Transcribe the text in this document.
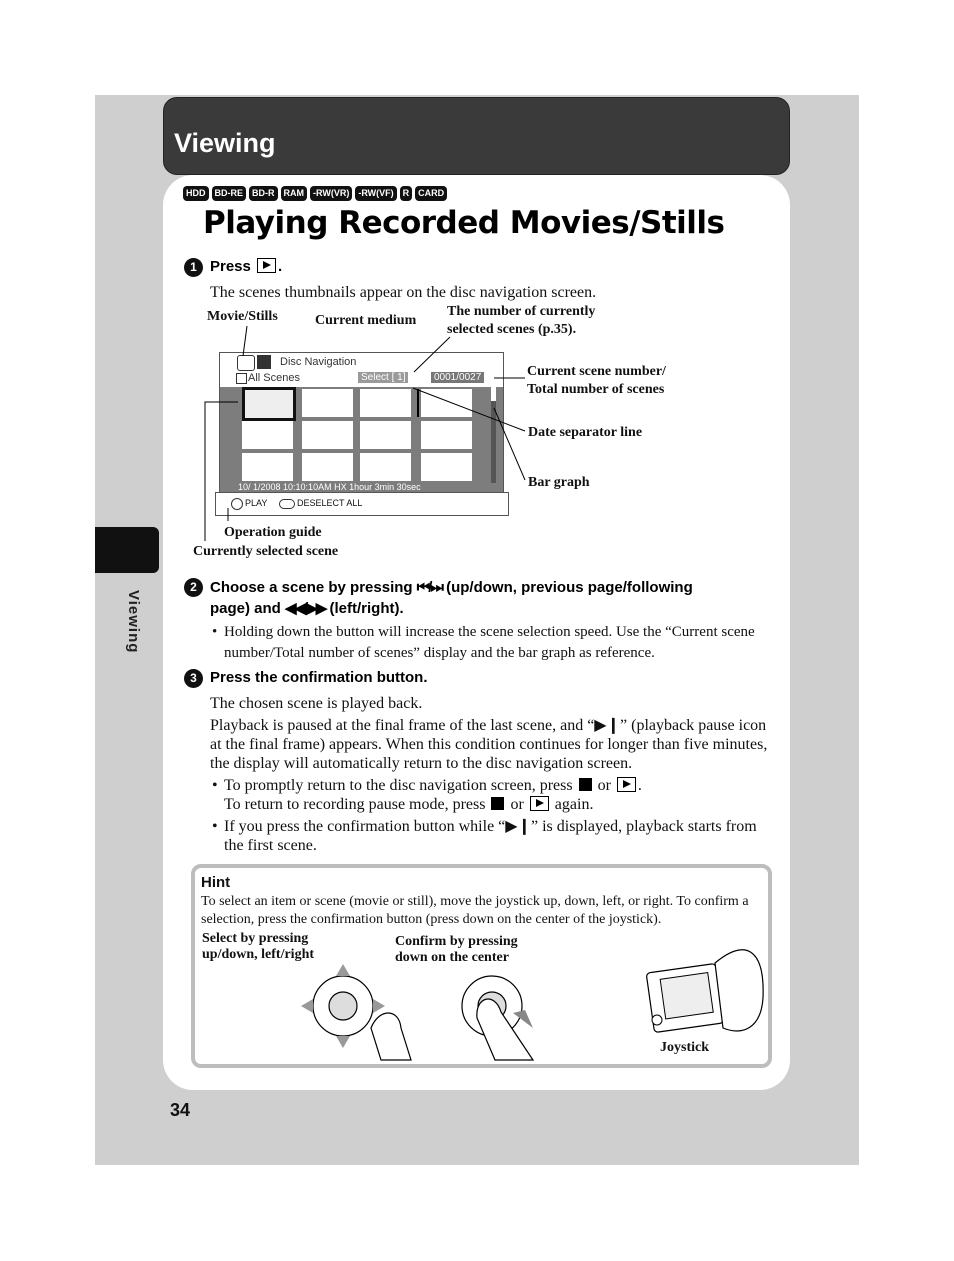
Viewing
Viewing
HDD	BD-RE	BD-R	RAM	-RW(VR)	-RW(VF)	R	CARD
Playing Recorded Movies/Stills
1 Press .
The scenes thumbnails appear on the disc navigation screen.
Movie/Stills	Current medium
The number of currently
selected scenes (p.35).
Current scene number/
Total number of scenes
Date separator line
Bar graph
Operation guide
Currently selected scene
Disc Navigation
All Scenes	Select [ 1]	0001/0027
10/ 1/2008 10:10:10AM HX 1hour 3min 30sec
PLAY	DESELECT ALL
2 Choose a scene by pressing ⏮/⏭ (up/down, previous page/following
page) and ◀◀/▶▶ (left/right).
• Holding down the button will increase the scene selection speed. Use the “Current scene number/Total number of scenes” display and the bar graph as reference.
3 Press the confirmation button.
The chosen scene is played back.
Playback is paused at the final frame of the last scene, and “▶❙” (playback pause icon at the final frame) appears. When this condition continues for longer than five minutes, the display will automatically return to the disc navigation screen.
• To promptly return to the disc navigation screen, press or .
To return to recording pause mode, press or again.
• If you press the confirmation button while “▶❙” is displayed, playback starts from the first scene.
Hint
To select an item or scene (movie or still), move the joystick up, down, left, or right. To confirm a selection, press the confirmation button (press down on the center of the joystick).
Select by pressing
up/down, left/right
Confirm by pressing
down on the center
Joystick
34
